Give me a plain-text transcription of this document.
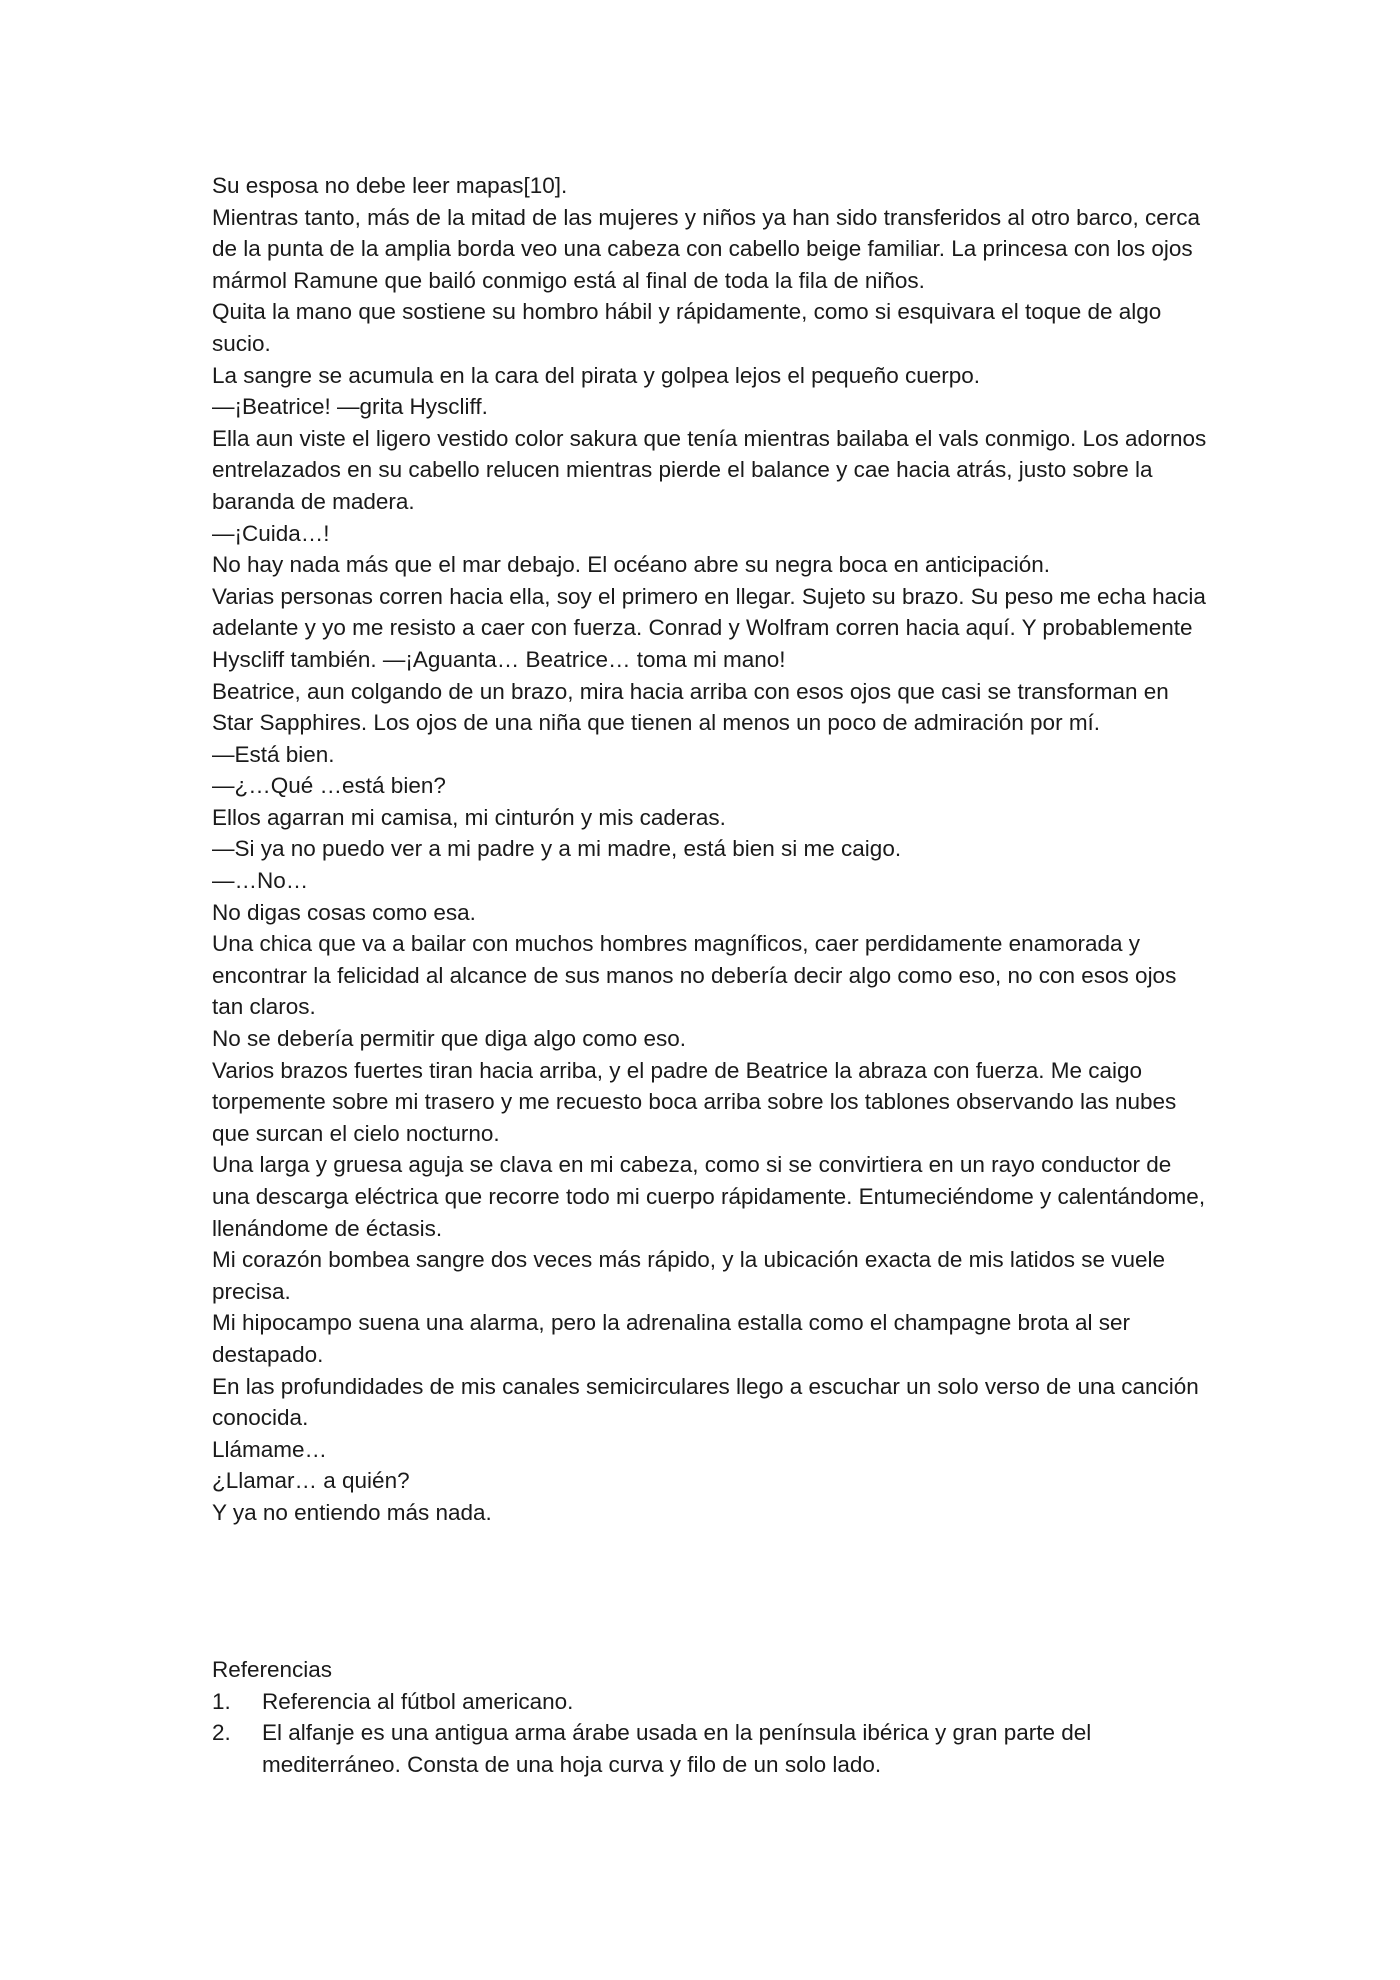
Su esposa no debe leer mapas[10].

Mientras tanto, más de la mitad de las mujeres y niños ya han sido transferidos al otro barco, cerca de la punta de la amplia borda veo una cabeza con cabello beige familiar. La princesa con los ojos mármol Ramune que bailó conmigo está al final de toda la fila de niños.

Quita la mano que sostiene su hombro hábil y rápidamente, como si esquivara el toque de algo sucio.

La sangre se acumula en la cara del pirata y golpea lejos el pequeño cuerpo.

—¡Beatrice! —grita Hyscliff.

Ella aun viste el ligero vestido color sakura que tenía mientras bailaba el vals conmigo. Los adornos entrelazados en su cabello relucen mientras pierde el balance y cae hacia atrás, justo sobre la baranda de madera.

—¡Cuida…!

No hay nada más que el mar debajo. El océano abre su negra boca en anticipación.

Varias personas corren hacia ella, soy el primero en llegar. Sujeto su brazo. Su peso me echa hacia adelante y yo me resisto a caer con fuerza. Conrad y Wolfram corren hacia aquí. Y probablemente Hyscliff también. —¡Aguanta… Beatrice… toma mi mano!

Beatrice, aun colgando de un brazo, mira hacia arriba con esos ojos que casi se transforman en Star Sapphires. Los ojos de una niña que tienen al menos un poco de admiración por mí.

—Está bien.

—¿…Qué …está bien?

Ellos agarran mi camisa, mi cinturón y mis caderas.

—Si ya no puedo ver a mi padre y a mi madre, está bien si me caigo.

—…No…

No digas cosas como esa.

Una chica que va a bailar con muchos hombres magníficos, caer perdidamente enamorada y encontrar la felicidad al alcance de sus manos no debería decir algo como eso, no con esos ojos tan claros.

No se debería permitir que diga algo como eso.

Varios brazos fuertes tiran hacia arriba, y el padre de Beatrice la abraza con fuerza. Me caigo torpemente sobre mi trasero y me recuesto boca arriba sobre los tablones observando las nubes que surcan el cielo nocturno.

Una larga y gruesa aguja se clava en mi cabeza, como si se convirtiera en un rayo conductor de una descarga eléctrica que recorre todo mi cuerpo rápidamente. Entumeciéndome y calentándome, llenándome de éctasis.

Mi corazón bombea sangre dos veces más rápido, y la ubicación exacta de mis latidos se vuele precisa.

Mi hipocampo suena una alarma, pero la adrenalina estalla como el champagne brota al ser destapado.

En las profundidades de mis canales semicirculares llego a escuchar un solo verso de una canción conocida.

Llámame…

¿Llamar… a quién?

Y ya no entiendo más nada.

Referencias

1.	Referencia al fútbol americano.
2.	El alfanje es una antigua arma árabe usada en la península ibérica y gran parte del mediterráneo. Consta de una hoja curva y filo de un solo lado.
